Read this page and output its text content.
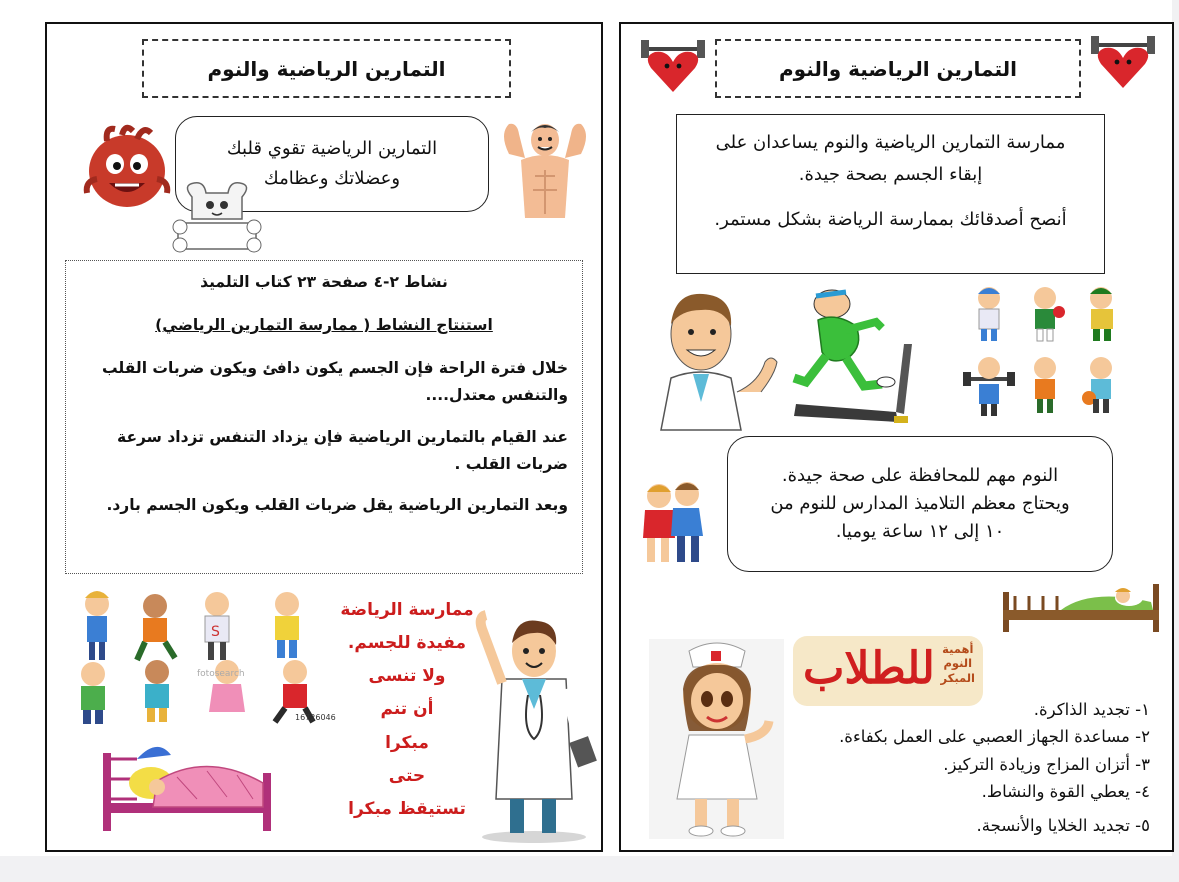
التمارين الرياضية والنوم
التمارين الرياضية تقوي قلبك
وعضلاتك وعظامك

نشاط ٢-٤ صفحة ٢٣ كتاب التلميذ

استنتاج النشاط ( ممارسة التمارين الرياضي)

خلال فترة الراحة فإن الجسم يكون دافئ ويكون ضربات القلب والتنفس معتدل....

عند القيام بالتمارين الرياضية فإن يزداد التنفس تزداد سرعة ضربات القلب .

وبعد التمارين الرياضية يقل ضربات القلب ويكون الجسم بارد.

S
fotosearch
16726046
ممارسة الرياضة
مفيدة للجسم.
ولا تنسى
أن تنم
مبكرا
حتى
تستيقظ مبكرا
التمارين الرياضية والنوم
ممارسة التمارين الرياضية والنوم يساعدان على
إبقاء الجسم بصحة جيدة.
أنصح أصدقائك بممارسة الرياضة بشكل مستمر.
النوم مهم للمحافظة على صحة جيدة.
ويحتاج معظم التلاميذ المدارس للنوم من
١٠ إلى ١٢ ساعة يوميا.
أهمية
النوم
المبكر
للطلاب
١- تجديد الذاكرة.
٢- مساعدة الجهاز العصبي على العمل بكفاءة.
٣- أتزان المزاج وزيادة التركيز.
٤- يعطي القوة والنشاط.
٥- تجديد الخلايا والأنسجة.
